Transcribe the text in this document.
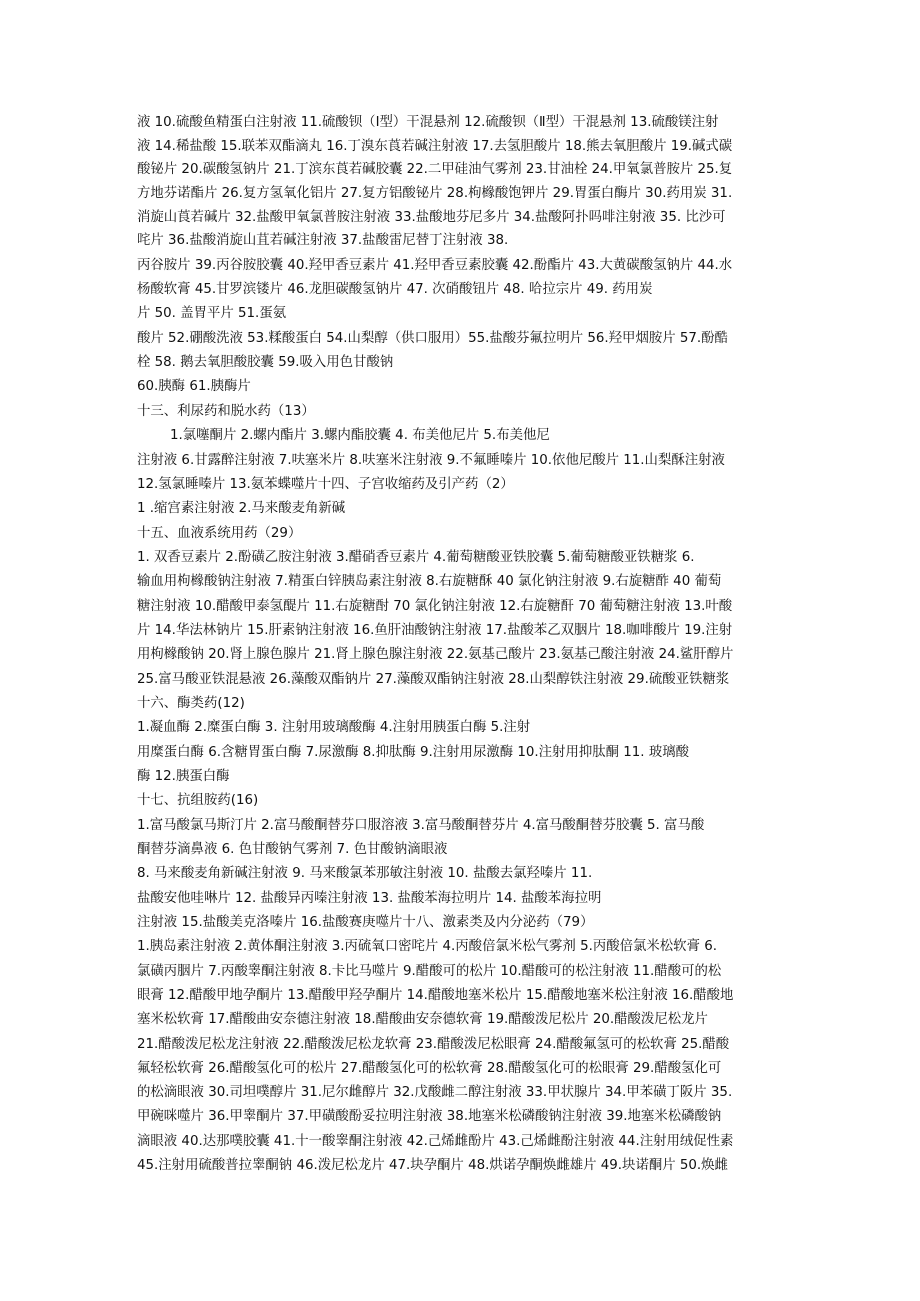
液 10.硫酸鱼精蛋白注射液 11.硫酸钡（Ⅰ型）干混悬剂 12.硫酸钡（Ⅱ型）干混悬剂 13.硫酸镁注射
液 14.稀盐酸 15.联苯双酯滴丸 16.丁溴东莨若碱注射液 17.去氢胆酸片 18.熊去氧胆酸片 19.碱式碳
酸铋片 20.碳酸氢钠片 21.丁滨东莨若碱胶囊 22.二甲硅油气雾剂 23.甘油栓 24.甲氧氯普胺片 25.复
方地芬诺酯片 26.复方氢氧化铝片 27.复方铝酸铋片 28.枸橼酸饱钾片 29.胃蛋白酶片 30.药用炭 31.
消旋山莨若碱片 32.盐酸甲氧氯普胺注射液 33.盐酸地芬尼多片 34.盐酸阿扑吗啡注射液 35. 比沙可
咤片 36.盐酸消旋山苴若碱注射液 37.盐酸雷尼替丁注射液 38.
丙谷胺片 39.丙谷胺胶囊 40.羟甲香豆素片 41.羟甲香豆素胶囊 42.酚酯片 43.大黄碳酸氢钠片 44.水
杨酸软膏 45.甘罗滨镂片 46.龙胆碳酸氢钠片 47. 次硝酸钮片 48. 哈拉宗片 49. 药用炭
片 50. 盖胃平片 51.蛋氨
酸片 52.硼酸洗液 53.糅酸蛋白 54.山梨醇（供口服用）55.盐酸芬氟拉明片 56.羟甲烟胺片 57.酚酷
栓 58. 鹅去氧胆酸胶囊 59.吸入用色甘酸钠
60.胰酶 61.胰酶片
十三、利尿药和脱水药（13）
1.氯噻酮片 2.螺内酯片 3.螺内酯胶囊 4. 布美他尼片 5.布美他尼
注射液 6.甘露醉注射液 7.呋塞米片 8.呋塞米注射液 9.不氟睡嗪片 10.依他尼酸片 11.山梨酥注射液
12.氢氯睡嗪片 13.氨苯蝶噬片十四、子宫收缩药及引产药（2）
1 .缩宫素注射液 2.马来酸麦角新碱
十五、血液系统用药（29）
1. 双香豆素片 2.酚磺乙胺注射液 3.醋硝香豆素片 4.葡萄糖酸亚铁胶囊 5.葡萄糖酸亚铁糖浆 6.
输血用枸橼酸钠注射液 7.精蛋白锌胰岛素注射液 8.右旋糖酥 40 氯化钠注射液 9.右旋糖酢 40 葡萄
糖注射液 10.醋酸甲泰氢醍片 11.右旋糖酎 70 氯化钠注射液 12.右旋糖酐 70 葡萄糖注射液 13.叶酸
片 14.华法林钠片 15.肝素钠注射液 16.鱼肝油酸钠注射液 17.盐酸苯乙双胭片 18.咖啡酸片 19.注射
用枸橼酸钠 20.肾上腺色腺片 21.肾上腺色腺注射液 22.氨基己酸片 23.氨基己酸注射液 24.鲨肝醇片
25.富马酸亚铁混悬液 26.藻酸双酯钠片 27.藻酸双酯钠注射液 28.山梨醇铁注射液 29.硫酸亚铁糖浆
十六、酶类药(12)
1.凝血酶 2.糜蛋白酶 3. 注射用玻璃酸酶 4.注射用胰蛋白酶 5.注射
用糜蛋白酶 6.含糖胃蛋白酶 7.尿激酶 8.抑肽酶 9.注射用尿激酶 10.注射用抑肽酮 11. 玻璃酸
酶 12.胰蛋白酶
十七、抗组胺药(16)
1.富马酸氯马斯汀片 2.富马酸酮替芬口服溶液 3.富马酸酮替芬片 4.富马酸酮替芬胶囊 5. 富马酸
酮替芬滴鼻液 6. 色甘酸钠气雾剂 7. 色甘酸钠滴眼液
8. 马来酸麦角新碱注射液 9. 马来酸氯苯那敏注射液 10. 盐酸去氯羟嗪片 11.
盐酸安他哇啉片 12. 盐酸异丙嗪注射液 13. 盐酸苯海拉明片 14. 盐酸苯海拉明
注射液 15.盐酸美克洛嗪片 16.盐酸赛庚噬片十八、激素类及内分泌药（79）
1.胰岛素注射液 2.黄体酮注射液 3.丙硫氧口密咤片 4.丙酸倍氯米松气雾剂 5.丙酸倍氯米松软膏 6.
氯磺丙胭片 7.丙酸睾酮注射液 8.卡比马噬片 9.醋酸可的松片 10.醋酸可的松注射液 11.醋酸可的松
眼膏 12.醋酸甲地孕酮片 13.醋酸甲羟孕酮片 14.醋酸地塞米松片 15.醋酸地塞米松注射液 16.醋酸地
塞米松软膏 17.醋酸曲安奈德注射液 18.醋酸曲安奈德软膏 19.醋酸泼尼松片 20.醋酸泼尼松龙片
21.醋酸泼尼松龙注射液 22.醋酸泼尼松龙软膏 23.醋酸泼尼松眼膏 24.醋酸氟氢可的松软膏 25.醋酸
氟轻松软膏 26.醋酸氢化可的松片 27.醋酸氢化可的松软膏 28.醋酸氢化可的松眼膏 29.醋酸氢化可
的松滴眼液 30.司坦噗醇片 31.尼尔雌醇片 32.戊酸雌二醇注射液 33.甲状腺片 34.甲苯磺丁阪片 35.
甲碗咪噬片 36.甲睾酮片 37.甲磺酸酚妥拉明注射液 38.地塞米松磷酸钠注射液 39.地塞米松磷酸钠
滴眼液 40.达那噗胶囊 41.十一酸睾酮注射液 42.己烯雌酚片 43.己烯雌酚注射液 44.注射用绒促性素
45.注射用硫酸普拉睾酮钠 46.泼尼松龙片 47.块孕酮片 48.烘诺孕酮焕雌雄片 49.块诺酮片 50.焕雌
